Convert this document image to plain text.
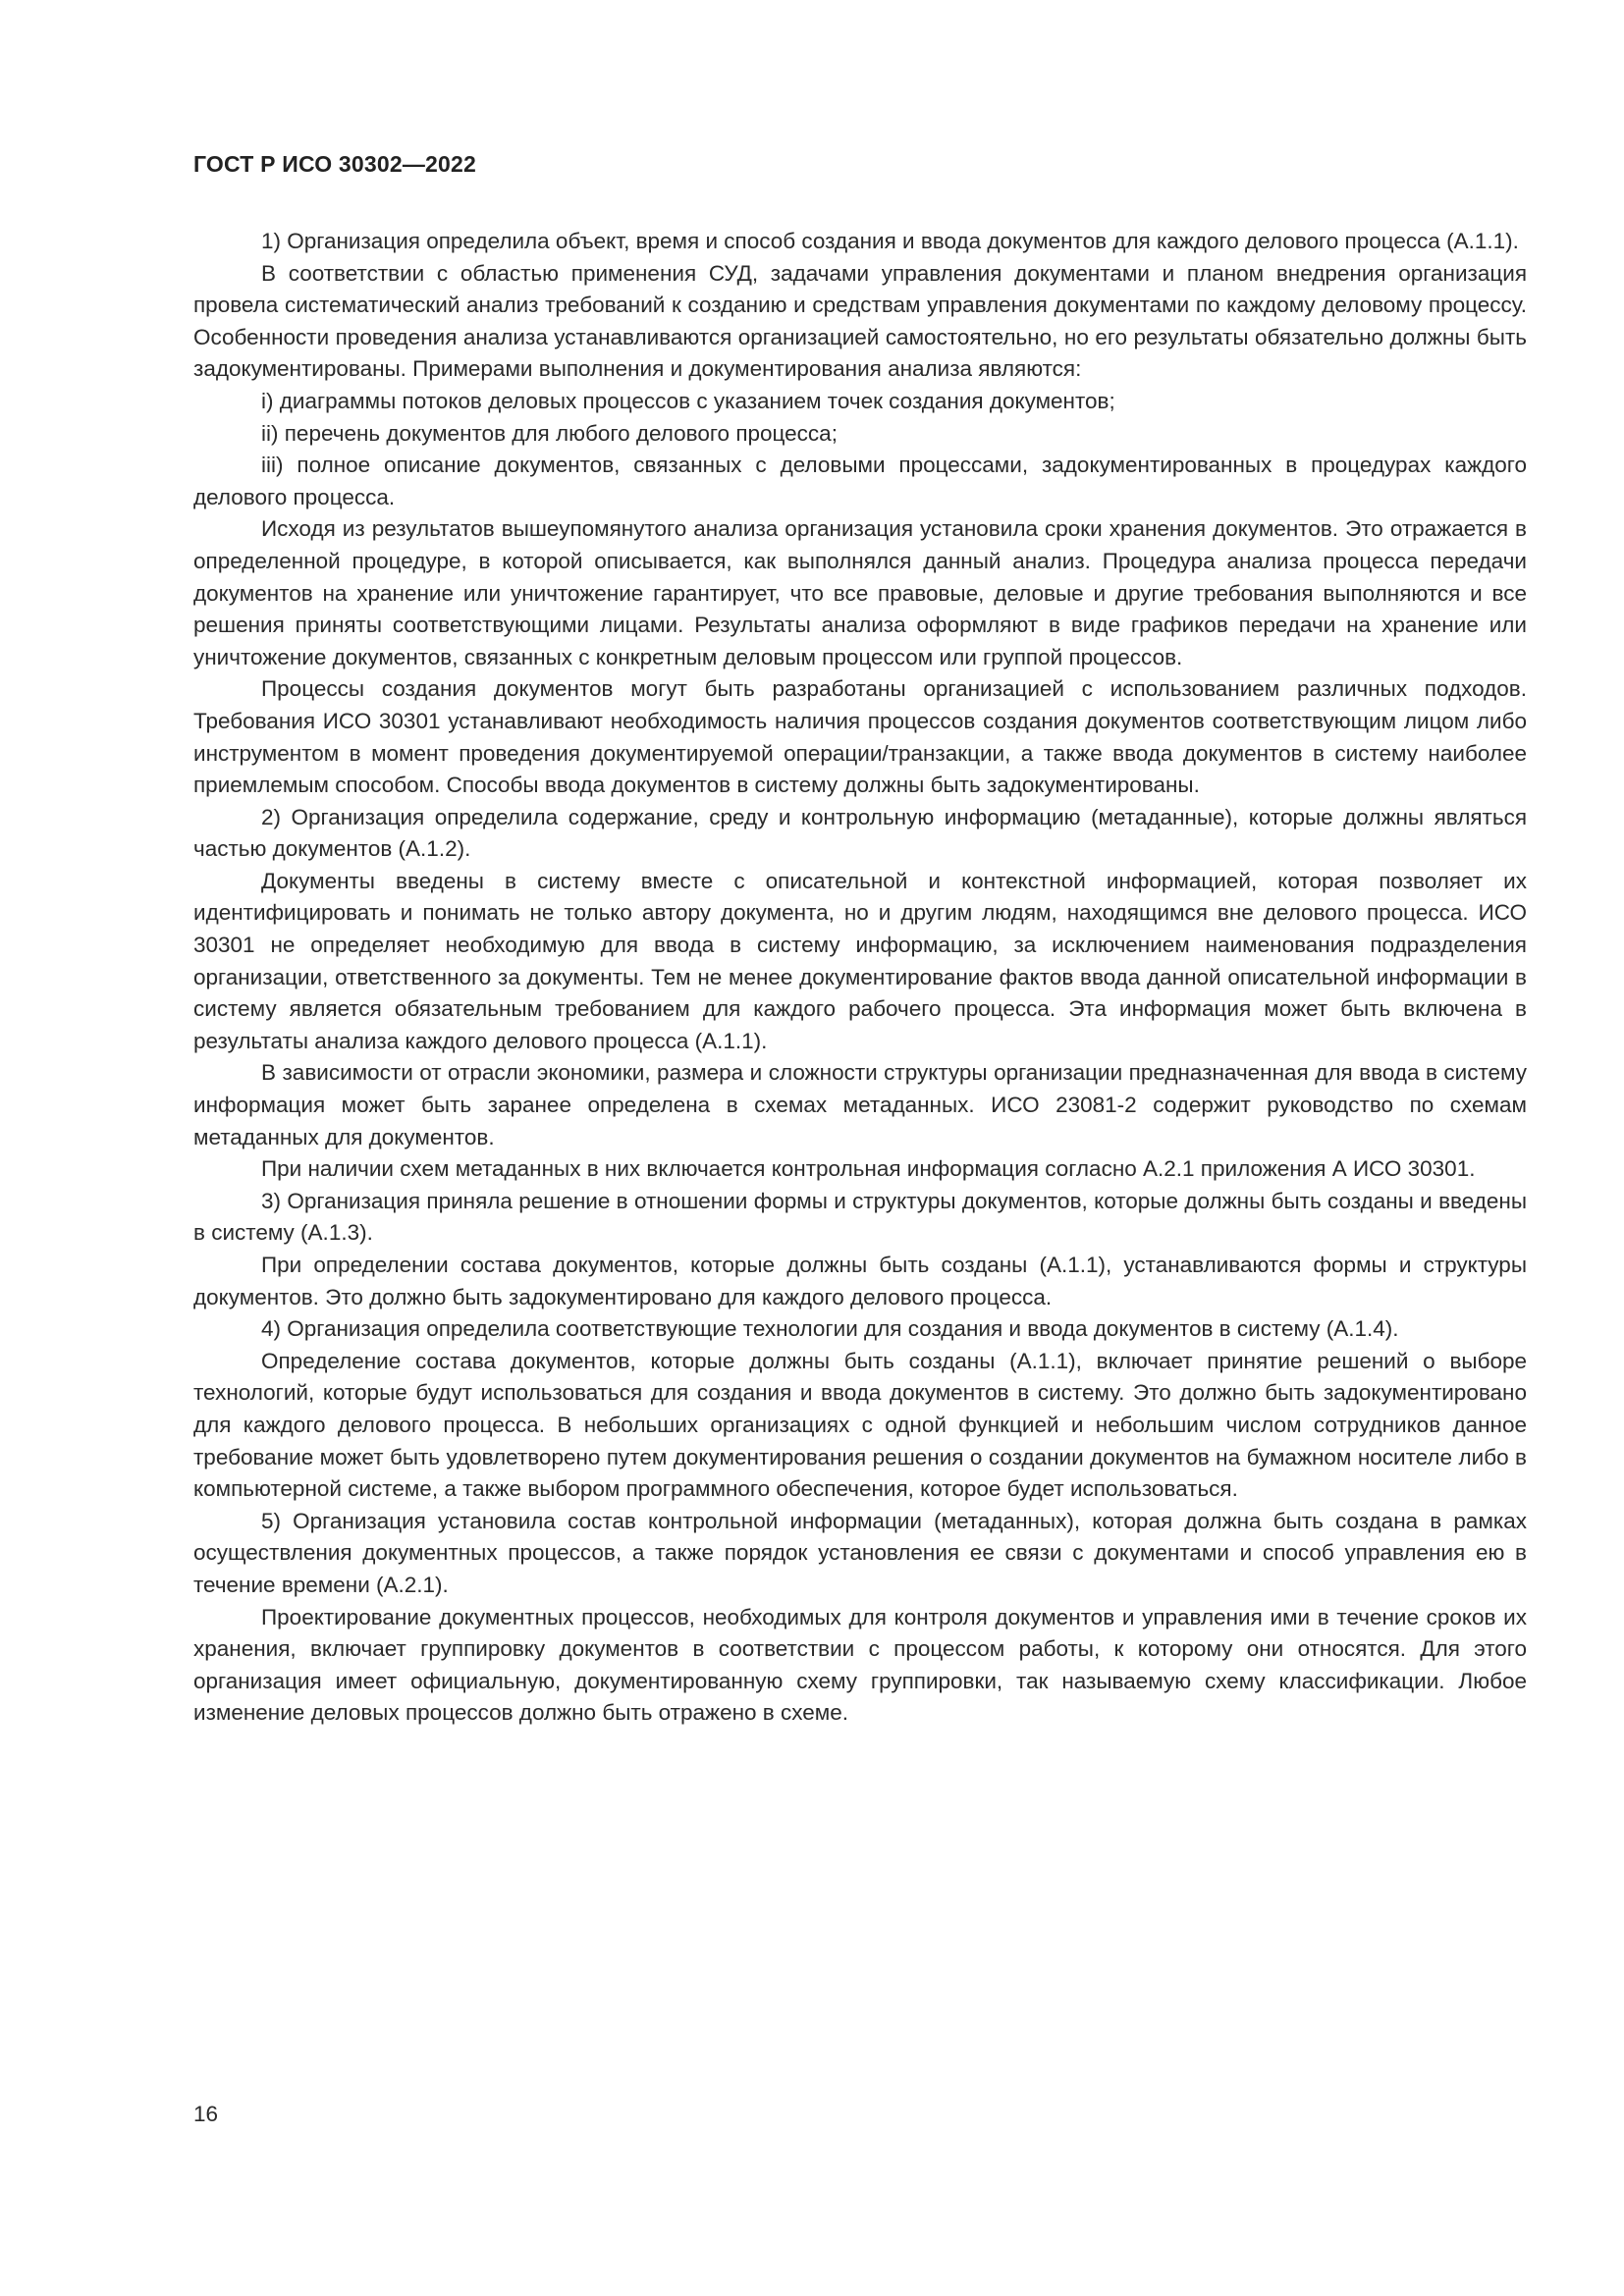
ГОСТ Р ИСО 30302—2022

1) Организация определила объект, время и способ создания и ввода документов для каждого делового процесса (А.1.1).

В соответствии с областью применения СУД, задачами управления документами и планом внедрения организация провела систематический анализ требований к созданию и средствам управления документами по каждому деловому процессу. Особенности проведения анализа устанавливаются организацией самостоятельно, но его результаты обязательно должны быть задокументированы. Примерами выполнения и документирования анализа являются:

i) диаграммы потоков деловых процессов с указанием точек создания документов;

ii) перечень документов для любого делового процесса;

iii) полное описание документов, связанных с деловыми процессами, задокументированных в процедурах каждого делового процесса.

Исходя из результатов вышеупомянутого анализа организация установила сроки хранения документов. Это отражается в определенной процедуре, в которой описывается, как выполнялся данный анализ. Процедура анализа процесса передачи документов на хранение или уничтожение гарантирует, что все правовые, деловые и другие требования выполняются и все решения приняты соответствующими лицами. Результаты анализа оформляют в виде графиков передачи на хранение или уничтожение документов, связанных с конкретным деловым процессом или группой процессов.

Процессы создания документов могут быть разработаны организацией с использованием различных подходов. Требования ИСО 30301 устанавливают необходимость наличия процессов создания документов соответствующим лицом либо инструментом в момент проведения документируемой операции/транзакции, а также ввода документов в систему наиболее приемлемым способом. Способы ввода документов в систему должны быть задокументированы.

2) Организация определила содержание, среду и контрольную информацию (метаданные), которые должны являться частью документов (А.1.2).

Документы введены в систему вместе с описательной и контекстной информацией, которая позволяет их идентифицировать и понимать не только автору документа, но и другим людям, находящимся вне делового процесса. ИСО 30301 не определяет необходимую для ввода в систему информацию, за исключением наименования подразделения организации, ответственного за документы. Тем не менее документирование фактов ввода данной описательной информации в систему является обязательным требованием для каждого рабочего процесса. Эта информация может быть включена в результаты анализа каждого делового процесса (А.1.1).

В зависимости от отрасли экономики, размера и сложности структуры организации предназначенная для ввода в систему информация может быть заранее определена в схемах метаданных. ИСО 23081-2 содержит руководство по схемам метаданных для документов.

При наличии схем метаданных в них включается контрольная информация согласно А.2.1 приложения А ИСО 30301.

3) Организация приняла решение в отношении формы и структуры документов, которые должны быть созданы и введены в систему (А.1.3).

При определении состава документов, которые должны быть созданы (А.1.1), устанавливаются формы и структуры документов. Это должно быть задокументировано для каждого делового процесса.

4) Организация определила соответствующие технологии для создания и ввода документов в систему (А.1.4).

Определение состава документов, которые должны быть созданы (А.1.1), включает принятие решений о выборе технологий, которые будут использоваться для создания и ввода документов в систему. Это должно быть задокументировано для каждого делового процесса. В небольших организациях с одной функцией и небольшим числом сотрудников данное требование может быть удовлетворено путем документирования решения о создании документов на бумажном носителе либо в компьютерной системе, а также выбором программного обеспечения, которое будет использоваться.

5) Организация установила состав контрольной информации (метаданных), которая должна быть создана в рамках осуществления документных процессов, а также порядок установления ее связи с документами и способ управления ею в течение времени (А.2.1).

Проектирование документных процессов, необходимых для контроля документов и управления ими в течение сроков их хранения, включает группировку документов в соответствии с процессом работы, к которому они относятся. Для этого организация имеет официальную, документированную схему группировки, так называемую схему классификации. Любое изменение деловых процессов должно быть отражено в схеме.

16
